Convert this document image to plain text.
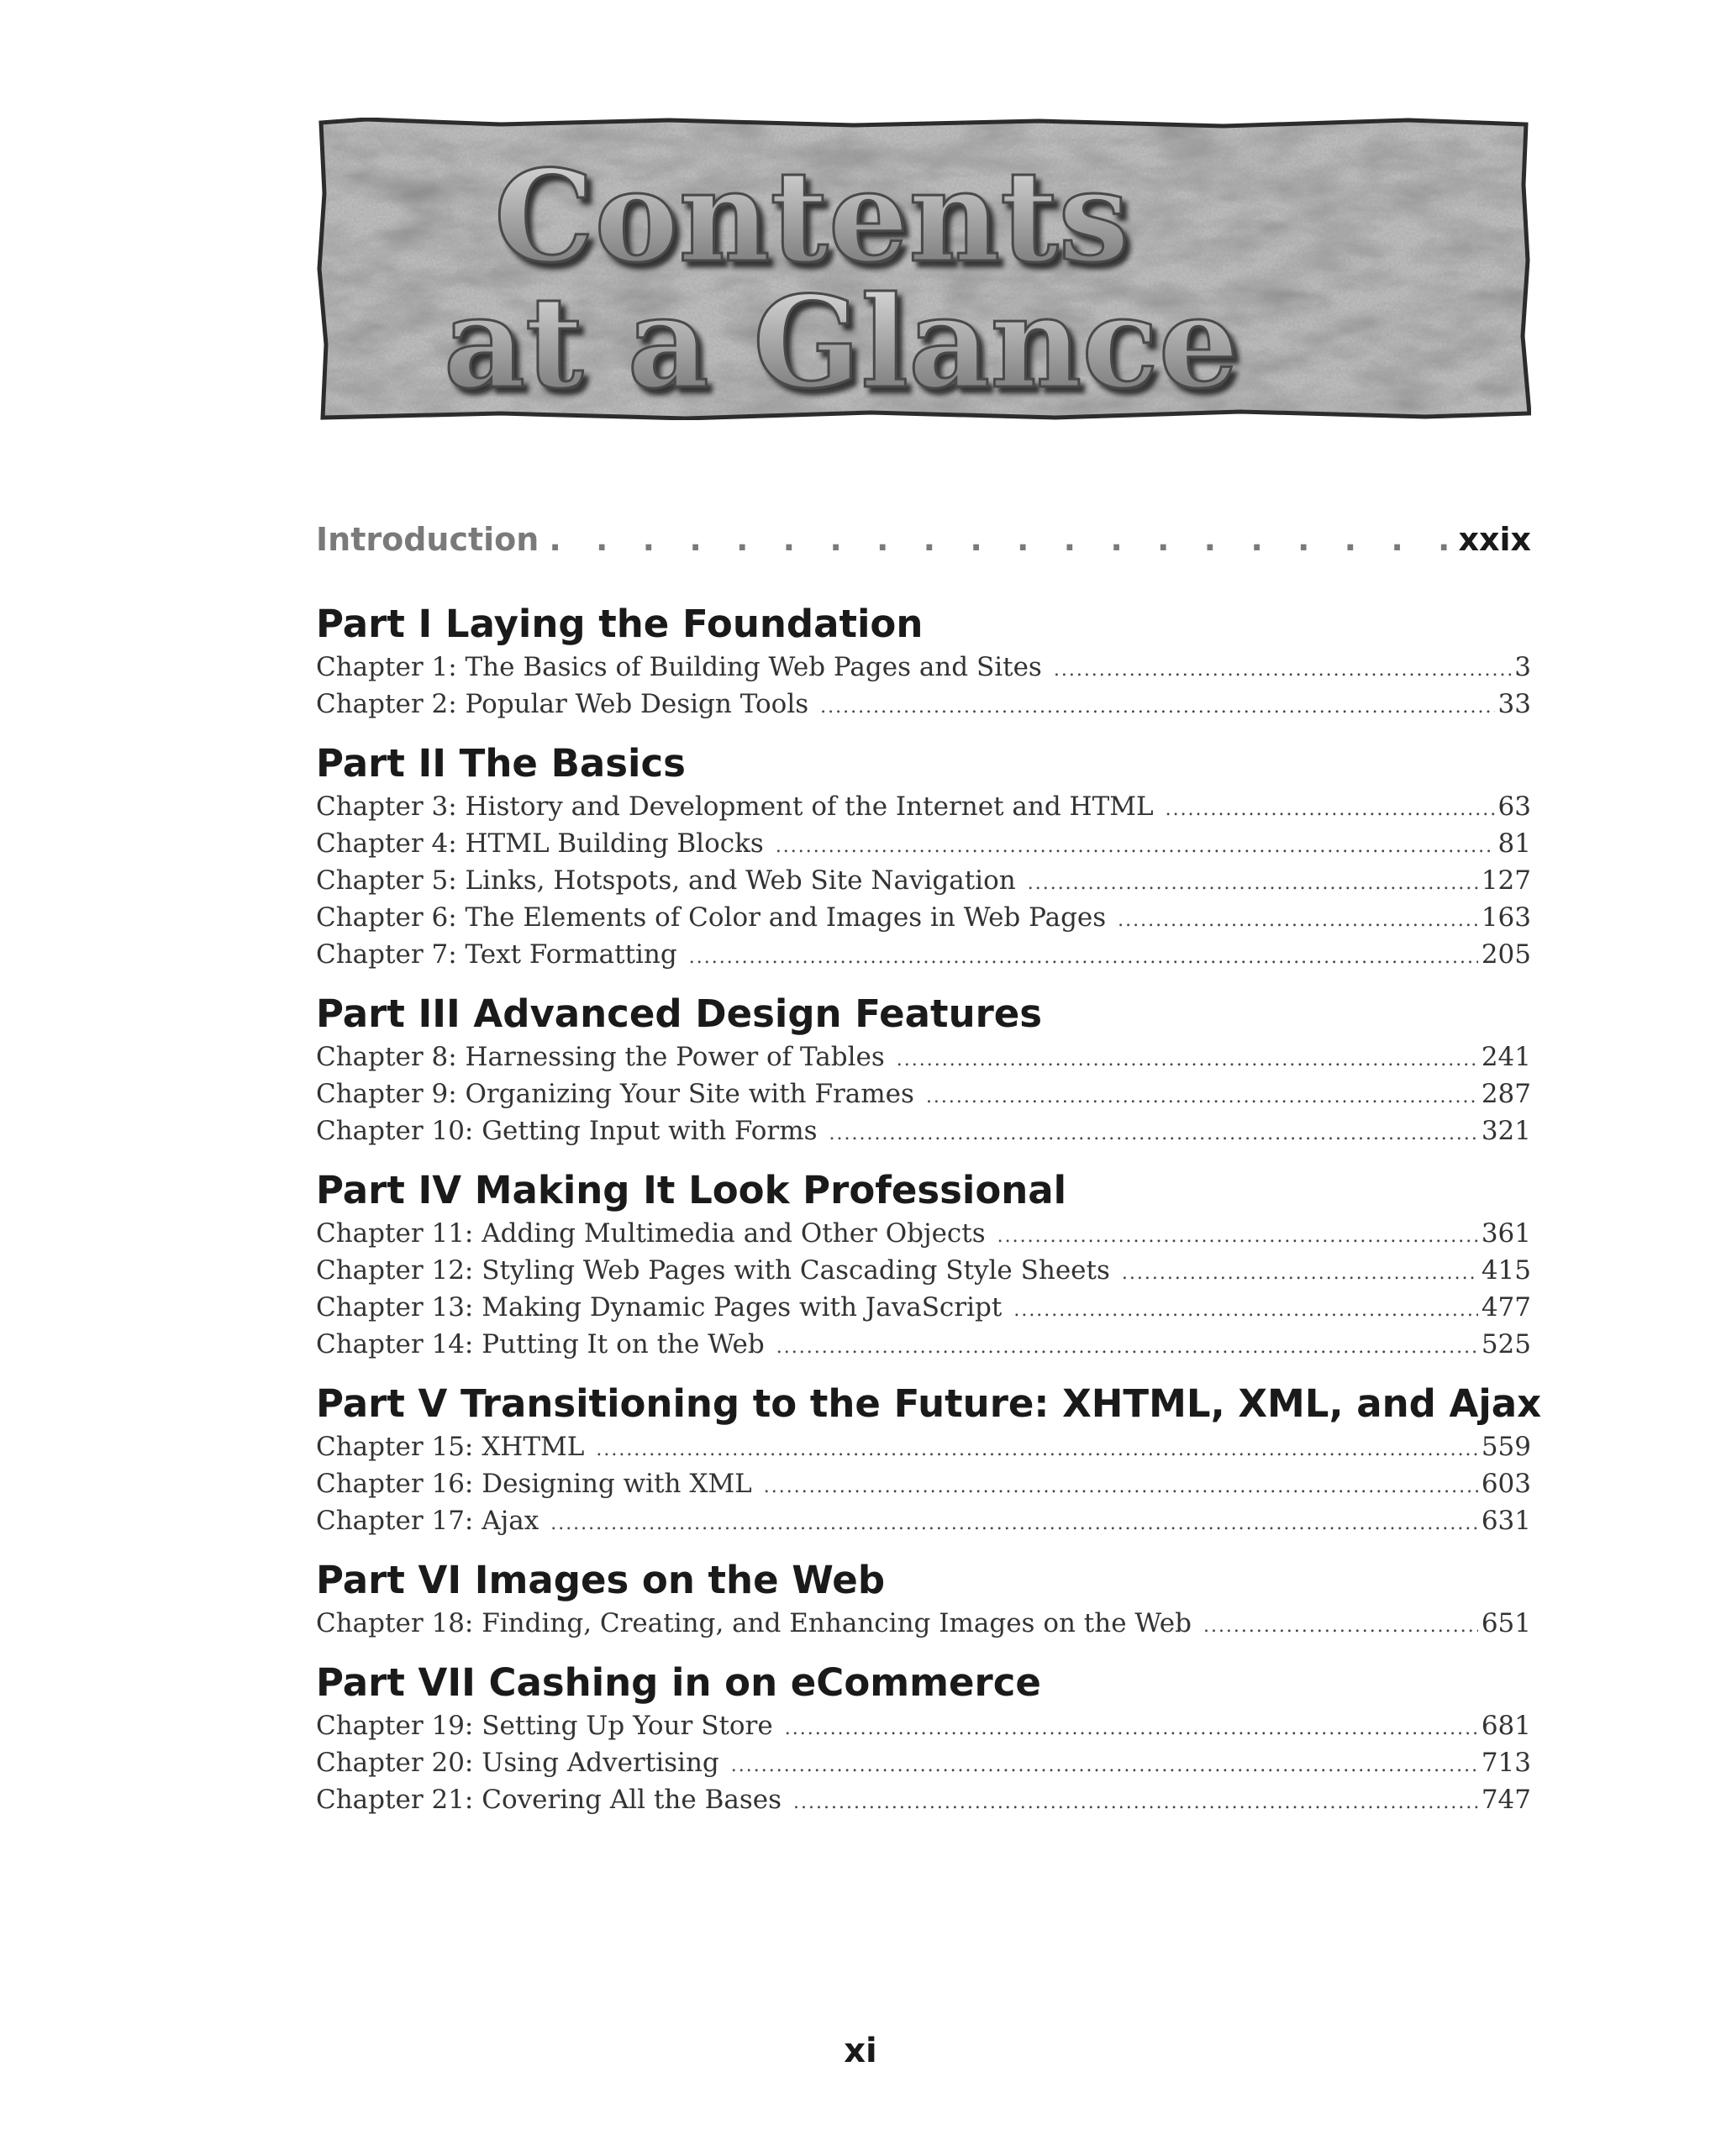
Contents
at a Glance
Introduction . . .	xxix
Part I Laying the Foundation
Chapter 1: The Basics of Building Web Pages and Sites .....	3
Chapter 2: Popular Web Design Tools .....	33
Part II The Basics
Chapter 3: History and Development of the Internet and HTML .....	63
Chapter 4: HTML Building Blocks .....	81
Chapter 5: Links, Hotspots, and Web Site Navigation .....	127
Chapter 6: The Elements of Color and Images in Web Pages .....	163
Chapter 7: Text Formatting .....	205
Part III Advanced Design Features
Chapter 8: Harnessing the Power of Tables .....	241
Chapter 9: Organizing Your Site with Frames .....	287
Chapter 10: Getting Input with Forms .....	321
Part IV Making It Look Professional
Chapter 11: Adding Multimedia and Other Objects .....	361
Chapter 12: Styling Web Pages with Cascading Style Sheets .....	415
Chapter 13: Making Dynamic Pages with JavaScript .....	477
Chapter 14: Putting It on the Web .....	525
Part V Transitioning to the Future: XHTML, XML, and Ajax
Chapter 15: XHTML .....	559
Chapter 16: Designing with XML .....	603
Chapter 17: Ajax .....	631
Part VI Images on the Web
Chapter 18: Finding, Creating, and Enhancing Images on the Web .....	651
Part VII Cashing in on eCommerce
Chapter 19: Setting Up Your Store .....	681
Chapter 20: Using Advertising .....	713
Chapter 21: Covering All the Bases .....	747
xi
